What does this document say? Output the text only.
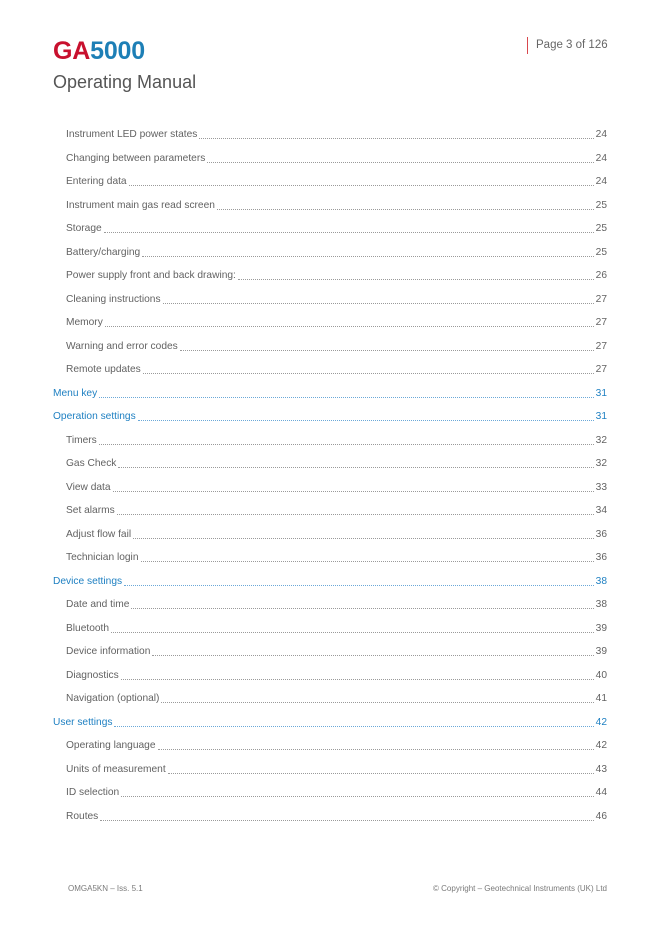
GA5000
Operating Manual
Page 3 of 126
Instrument LED power states	24
Changing between parameters	24
Entering data	24
Instrument main gas read screen	25
Storage	25
Battery/charging	25
Power supply front and back drawing:	26
Cleaning instructions	27
Memory	27
Warning and error codes	27
Remote updates	27
Menu key	31
Operation settings	31
Timers	32
Gas Check	32
View data	33
Set alarms	34
Adjust flow fail	36
Technician login	36
Device settings	38
Date and time	38
Bluetooth	39
Device information	39
Diagnostics	40
Navigation (optional)	41
User settings	42
Operating language	42
Units of measurement	43
ID selection	44
Routes	46
OMGA5KN – Iss. 5.1	© Copyright – Geotechnical Instruments (UK) Ltd
